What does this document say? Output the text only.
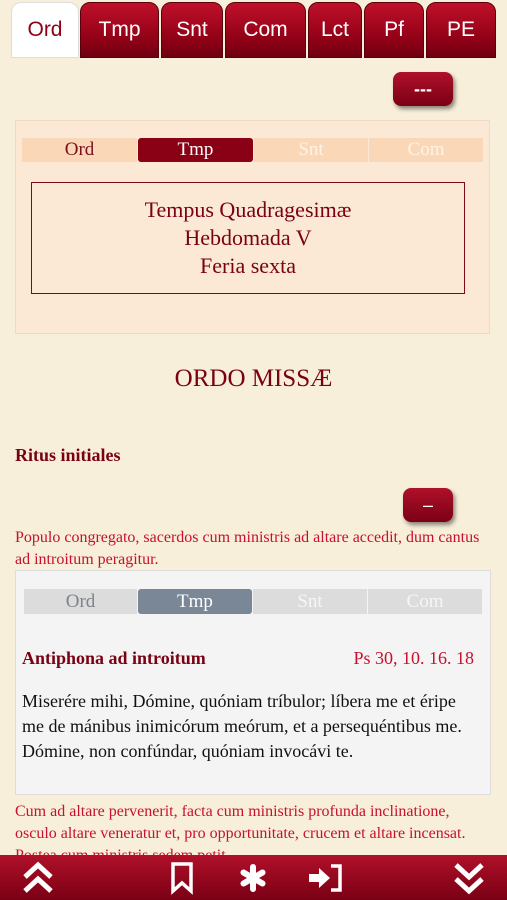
Ord	Tmp	Snt	Com	Lct	Pf	PE
---
Ord	Tmp	Snt	Com
Tempus Quadragesimæ
Hebdomada V
Feria sexta
ORDO MISSÆ
Ritus initiales
–
Populo congregato, sacerdos cum ministris ad altare accedit, dum cantus ad introitum peragitur.
Ord	Tmp	Snt	Com
Antiphona ad introitum	Ps 30, 10. 16. 18
Miserére mihi, Dómine, quóniam tríbulor; líbera me et éripe me de mánibus inimicórum meórum, et a persequéntibus me. Dómine, non confúndar, quóniam invocávi te.
Cum ad altare pervenerit, facta cum ministris profunda inclinatione, osculo altare veneratur et, pro opportunitate, crucem et altare incensat.
